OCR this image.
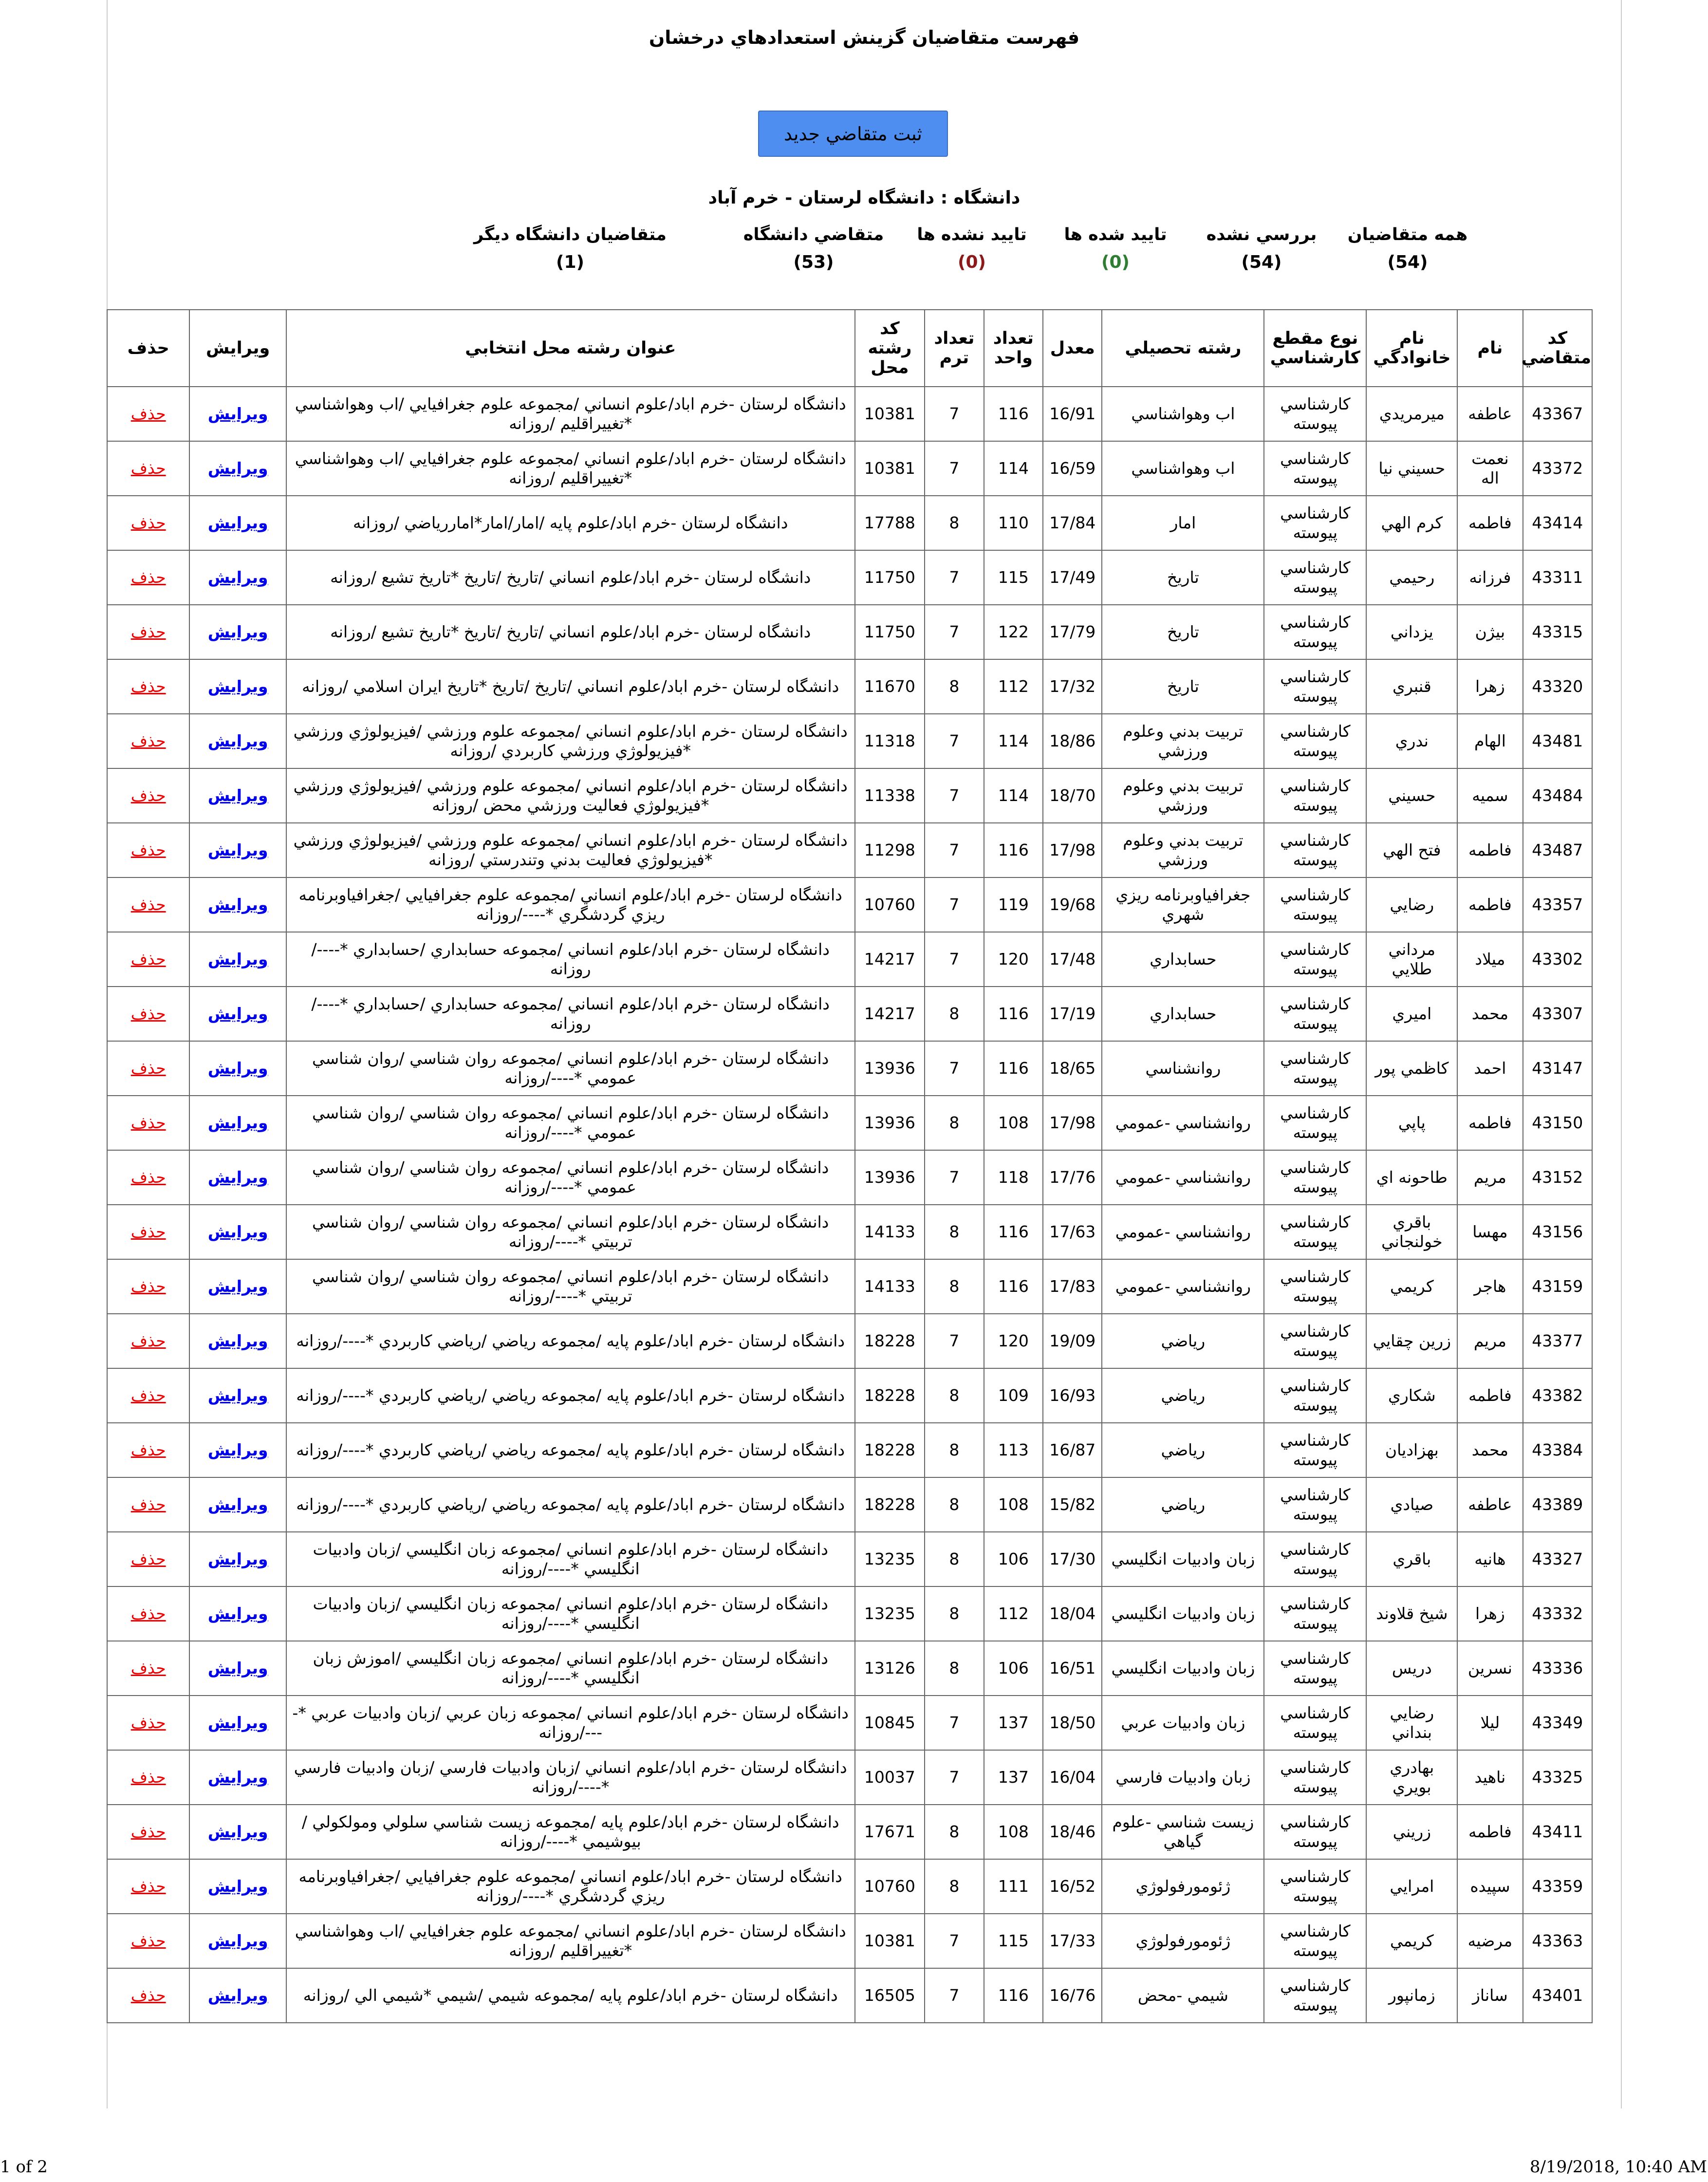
فهرست متقاضيان گزينش استعدادهاي درخشان
ثبت متقاضي جديد
دانشگاه : دانشگاه لرستان - خرم آباد
همه متقاضيان
(54)
بررسي نشده
(54)
تاييد شده ها
(0)
تاييد نشده ها
(0)
متقاضي دانشگاه
(53)
متقاضيان دانشگاه ديگر
(1)
كد متقاضي	نام	نام خانوادگي	نوع مقطع كارشناسي	رشته تحصيلي	معدل	تعداد واحد	تعداد ترم	كد رشته محل	عنوان رشته محل انتخابي	ويرايش	حذف
43367	عاطفه	ميرمريدي	كارشناسي پيوسته	اب وهواشناسي	16/91	116	7	10381	دانشگاه لرستان -خرم اباد/علوم انساني /مجموعه علوم جغرافيايي /اب وهواشناسي *تغييراقليم /روزانه	ويرايش	حذف
43372	نعمت اله	حسيني نيا	كارشناسي پيوسته	اب وهواشناسي	16/59	114	7	10381	دانشگاه لرستان -خرم اباد/علوم انساني /مجموعه علوم جغرافيايي /اب وهواشناسي *تغييراقليم /روزانه	ويرايش	حذف
43414	فاطمه	كرم الهي	كارشناسي پيوسته	امار	17/84	110	8	17788	دانشگاه لرستان -خرم اباد/علوم پايه /امار/امار*اماررياضي /روزانه	ويرايش	حذف
43311	فرزانه	رحيمي	كارشناسي پيوسته	تاريخ	17/49	115	7	11750	دانشگاه لرستان -خرم اباد/علوم انساني /تاريخ /تاريخ *تاريخ تشيع /روزانه	ويرايش	حذف
43315	بيژن	يزداني	كارشناسي پيوسته	تاريخ	17/79	122	7	11750	دانشگاه لرستان -خرم اباد/علوم انساني /تاريخ /تاريخ *تاريخ تشيع /روزانه	ويرايش	حذف
43320	زهرا	قنبري	كارشناسي پيوسته	تاريخ	17/32	112	8	11670	دانشگاه لرستان -خرم اباد/علوم انساني /تاريخ /تاريخ *تاريخ ايران اسلامي /روزانه	ويرايش	حذف
43481	الهام	ندري	كارشناسي پيوسته	تربيت بدني وعلوم ورزشي	18/86	114	7	11318	دانشگاه لرستان -خرم اباد/علوم انساني /مجموعه علوم ورزشي /فيزيولوژي ورزشي *فيزيولوژي ورزشي كاربردي /روزانه	ويرايش	حذف
43484	سميه	حسيني	كارشناسي پيوسته	تربيت بدني وعلوم ورزشي	18/70	114	7	11338	دانشگاه لرستان -خرم اباد/علوم انساني /مجموعه علوم ورزشي /فيزيولوژي ورزشي *فيزيولوژي فعاليت ورزشي محض /روزانه	ويرايش	حذف
43487	فاطمه	فتح الهي	كارشناسي پيوسته	تربيت بدني وعلوم ورزشي	17/98	116	7	11298	دانشگاه لرستان -خرم اباد/علوم انساني /مجموعه علوم ورزشي /فيزيولوژي ورزشي *فيزيولوژي فعاليت بدني وتندرستي /روزانه	ويرايش	حذف
43357	فاطمه	رضايي	كارشناسي پيوسته	جغرافياوبرنامه ريزي شهري	19/68	119	7	10760	دانشگاه لرستان -خرم اباد/علوم انساني /مجموعه علوم جغرافيايي /جغرافياوبرنامه ريزي گردشگري *----/روزانه	ويرايش	حذف
43302	ميلاد	مرداني طلايي	كارشناسي پيوسته	حسابداري	17/48	120	7	14217	دانشگاه لرستان -خرم اباد/علوم انساني /مجموعه حسابداري /حسابداري *----/روزانه	ويرايش	حذف
43307	محمد	اميري	كارشناسي پيوسته	حسابداري	17/19	116	8	14217	دانشگاه لرستان -خرم اباد/علوم انساني /مجموعه حسابداري /حسابداري *----/روزانه	ويرايش	حذف
43147	احمد	كاظمي پور	كارشناسي پيوسته	روانشناسي	18/65	116	7	13936	دانشگاه لرستان -خرم اباد/علوم انساني /مجموعه روان شناسي /روان شناسي عمومي *----/روزانه	ويرايش	حذف
43150	فاطمه	پاپي	كارشناسي پيوسته	روانشناسي -عمومي	17/98	108	8	13936	دانشگاه لرستان -خرم اباد/علوم انساني /مجموعه روان شناسي /روان شناسي عمومي *----/روزانه	ويرايش	حذف
43152	مريم	طاحونه اي	كارشناسي پيوسته	روانشناسي -عمومي	17/76	118	7	13936	دانشگاه لرستان -خرم اباد/علوم انساني /مجموعه روان شناسي /روان شناسي عمومي *----/روزانه	ويرايش	حذف
43156	مهسا	باقري خولنجاني	كارشناسي پيوسته	روانشناسي -عمومي	17/63	116	8	14133	دانشگاه لرستان -خرم اباد/علوم انساني /مجموعه روان شناسي /روان شناسي تربيتي *----/روزانه	ويرايش	حذف
43159	هاجر	كريمي	كارشناسي پيوسته	روانشناسي -عمومي	17/83	116	8	14133	دانشگاه لرستان -خرم اباد/علوم انساني /مجموعه روان شناسي /روان شناسي تربيتي *----/روزانه	ويرايش	حذف
43377	مريم	زرين چقايي	كارشناسي پيوسته	رياضي	19/09	120	7	18228	دانشگاه لرستان -خرم اباد/علوم پايه /مجموعه رياضي /رياضي كاربردي *----/روزانه	ويرايش	حذف
43382	فاطمه	شكاري	كارشناسي پيوسته	رياضي	16/93	109	8	18228	دانشگاه لرستان -خرم اباد/علوم پايه /مجموعه رياضي /رياضي كاربردي *----/روزانه	ويرايش	حذف
43384	محمد	بهزاديان	كارشناسي پيوسته	رياضي	16/87	113	8	18228	دانشگاه لرستان -خرم اباد/علوم پايه /مجموعه رياضي /رياضي كاربردي *----/روزانه	ويرايش	حذف
43389	عاطفه	صيادي	كارشناسي پيوسته	رياضي	15/82	108	8	18228	دانشگاه لرستان -خرم اباد/علوم پايه /مجموعه رياضي /رياضي كاربردي *----/روزانه	ويرايش	حذف
43327	هانيه	باقري	كارشناسي پيوسته	زبان وادبيات انگليسي	17/30	106	8	13235	دانشگاه لرستان -خرم اباد/علوم انساني /مجموعه زبان انگليسي /زبان وادبيات انگليسي *----/روزانه	ويرايش	حذف
43332	زهرا	شيخ قلاوند	كارشناسي پيوسته	زبان وادبيات انگليسي	18/04	112	8	13235	دانشگاه لرستان -خرم اباد/علوم انساني /مجموعه زبان انگليسي /زبان وادبيات انگليسي *----/روزانه	ويرايش	حذف
43336	نسرين	دريس	كارشناسي پيوسته	زبان وادبيات انگليسي	16/51	106	8	13126	دانشگاه لرستان -خرم اباد/علوم انساني /مجموعه زبان انگليسي /اموزش زبان انگليسي *----/روزانه	ويرايش	حذف
43349	ليلا	رضايي بنداني	كارشناسي پيوسته	زبان وادبيات عربي	18/50	137	7	10845	دانشگاه لرستان -خرم اباد/علوم انساني /مجموعه زبان عربي /زبان وادبيات عربي *----/روزانه	ويرايش	حذف
43325	ناهيد	بهادري بويري	كارشناسي پيوسته	زبان وادبيات فارسي	16/04	137	7	10037	دانشگاه لرستان -خرم اباد/علوم انساني /زبان وادبيات فارسي /زبان وادبيات فارسي *----/روزانه	ويرايش	حذف
43411	فاطمه	زريني	كارشناسي پيوسته	زيست شناسي -علوم گياهي	18/46	108	8	17671	دانشگاه لرستان -خرم اباد/علوم پايه /مجموعه زيست شناسي سلولي ومولكولي /بيوشيمي *----/روزانه	ويرايش	حذف
43359	سپيده	امرايي	كارشناسي پيوسته	ژئومورفولوژي	16/52	111	8	10760	دانشگاه لرستان -خرم اباد/علوم انساني /مجموعه علوم جغرافيايي /جغرافياوبرنامه ريزي گردشگري *----/روزانه	ويرايش	حذف
43363	مرضيه	كريمي	كارشناسي پيوسته	ژئومورفولوژي	17/33	115	7	10381	دانشگاه لرستان -خرم اباد/علوم انساني /مجموعه علوم جغرافيايي /اب وهواشناسي *تغييراقليم /روزانه	ويرايش	حذف
43401	ساناز	زمانپور	كارشناسي پيوسته	شيمي -محض	16/76	116	7	16505	دانشگاه لرستان -خرم اباد/علوم پايه /مجموعه شيمي /شيمي *شيمي الي /روزانه	ويرايش	حذف
1 of 2	8/19/2018, 10:40 AM
